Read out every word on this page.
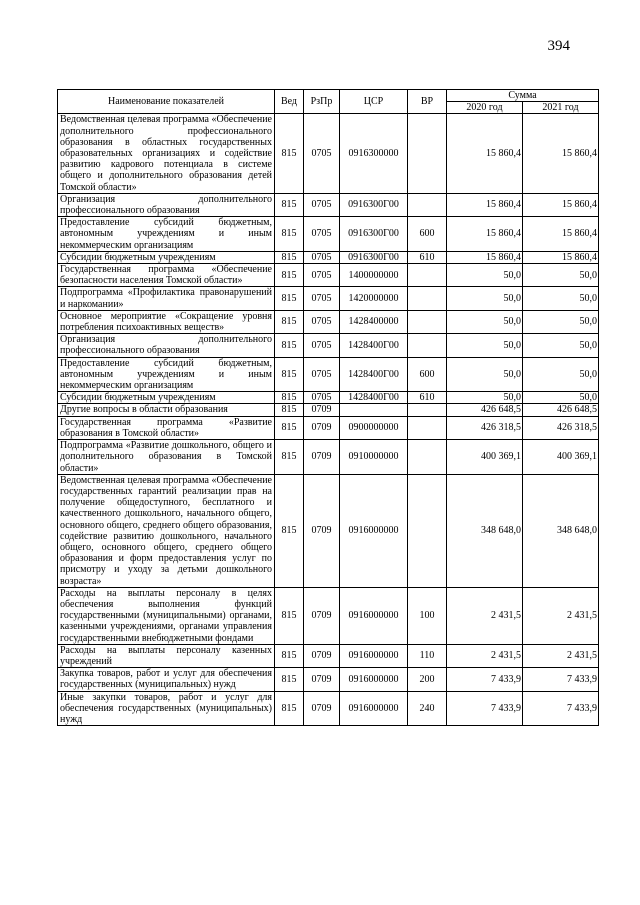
394
Наименование показателей	Вед	РзПр	ЦСР	ВР	Сумма	
					2020 год	2021 год
Ведомственная целевая программа «Обеспечение дополнительного профессионального образования в областных государственных образовательных организациях и содействие развитию кадрового потенциала в системе общего и дополнительного образования детей Томской области»	815	0705	0916300000		15 860,4	15 860,4
Организация дополнительного профессионального образования	815	0705	0916300Г00		15 860,4	15 860,4
Предоставление субсидий бюджетным, автономным учреждениям и иным некоммерческим организациям	815	0705	0916300Г00	600	15 860,4	15 860,4
Субсидии бюджетным учреждениям	815	0705	0916300Г00	610	15 860,4	15 860,4
Государственная программа «Обеспечение безопасности населения Томской области»	815	0705	1400000000		50,0	50,0
Подпрограмма «Профилактика правонарушений и наркомании»	815	0705	1420000000		50,0	50,0
Основное мероприятие «Сокращение уровня потребления психоактивных веществ»	815	0705	1428400000		50,0	50,0
Организация дополнительного профессионального образования	815	0705	1428400Г00		50,0	50,0
Предоставление субсидий бюджетным, автономным учреждениям и иным некоммерческим организациям	815	0705	1428400Г00	600	50,0	50,0
Субсидии бюджетным учреждениям	815	0705	1428400Г00	610	50,0	50,0
Другие вопросы в области образования	815	0709			426 648,5	426 648,5
Государственная программа «Развитие образования в Томской области»	815	0709	0900000000		426 318,5	426 318,5
Подпрограмма «Развитие дошкольного, общего и дополнительного образования в Томской области»	815	0709	0910000000		400 369,1	400 369,1
Ведомственная целевая программа «Обеспечение государственных гарантий реализации прав на получение общедоступного, бесплатного и качественного дошкольного, начального общего, основного общего, среднего общего образования, содействие развитию дошкольного, начального общего, основного общего, среднего общего образования и форм предоставления услуг по присмотру и уходу за детьми дошкольного возраста»	815	0709	0916000000		348 648,0	348 648,0
Расходы на выплаты персоналу в целях обеспечения выполнения функций государственными (муниципальными) органами, казенными учреждениями, органами управления государственными внебюджетными фондами	815	0709	0916000000	100	2 431,5	2 431,5
Расходы на выплаты персоналу казенных учреждений	815	0709	0916000000	110	2 431,5	2 431,5
Закупка товаров, работ и услуг для обеспечения государственных (муниципальных) нужд	815	0709	0916000000	200	7 433,9	7 433,9
Иные закупки товаров, работ и услуг для обеспечения государственных (муниципальных) нужд	815	0709	0916000000	240	7 433,9	7 433,9
